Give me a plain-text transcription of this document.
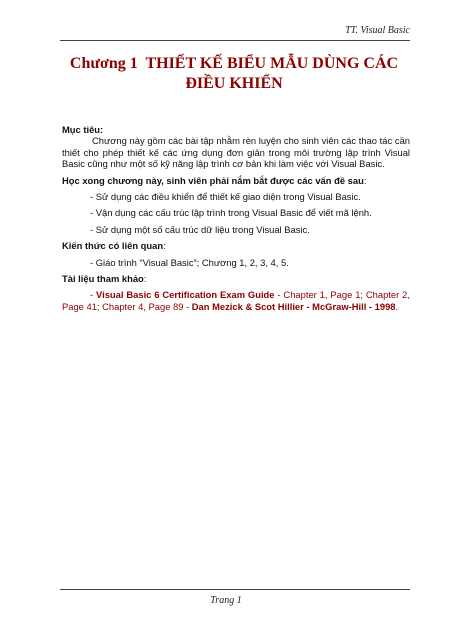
TT. Visual Basic
Chương 1 THIẾT KẾ BIỂU MẪU DÙNG CÁC
ĐIỀU KHIỂN

Mục tiêu:

Chương này gồm các bài tập nhằm rèn luyện cho sinh viên các thao tác cần thiết cho phép thiết kế các ứng dụng đơn giản trong môi trường lập trình Visual Basic cũng như một số kỹ năng lập trình cơ bản khi làm việc với Visual Basic.

Học xong chương này, sinh viên phải nắm bắt được các vấn đề sau:

- Sử dụng các điều khiển để thiết kế giao diện trong Visual Basic.

- Vận dụng các cấu trúc lập trình trong Visual Basic để viết mã lệnh.

- Sử dụng một số cấu trúc dữ liệu trong Visual Basic.

Kiến thức có liên quan:

- Giáo trình “Visual Basic”; Chương 1, 2, 3, 4, 5.

Tài liệu tham khảo:

- Visual Basic 6 Certification Exam Guide - Chapter 1, Page 1; Chapter 2, Page 41; Chapter 4, Page 89 - Dan Mezick & Scot Hillier - McGraw-Hill - 1998.

Trang 1
